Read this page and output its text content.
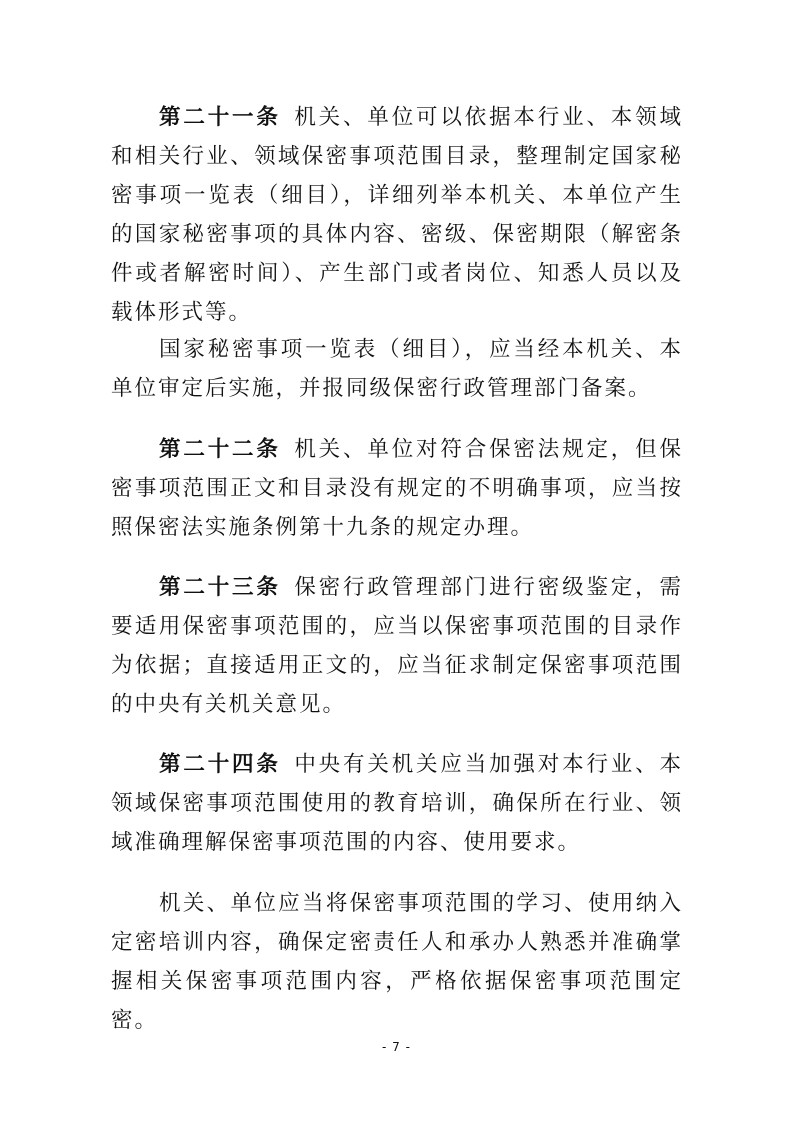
第二十一条  机关、单位可以依据本行业、本领域和相关行业、领域保密事项范围目录，整理制定国家秘密事项一览表（细目），详细列举本机关、本单位产生的国家秘密事项的具体内容、密级、保密期限（解密条件或者解密时间）、产生部门或者岗位、知悉人员以及载体形式等。

国家秘密事项一览表（细目），应当经本机关、本单位审定后实施，并报同级保密行政管理部门备案。

第二十二条  机关、单位对符合保密法规定，但保密事项范围正文和目录没有规定的不明确事项，应当按照保密法实施条例第十九条的规定办理。

第二十三条  保密行政管理部门进行密级鉴定，需要适用保密事项范围的，应当以保密事项范围的目录作为依据；直接适用正文的，应当征求制定保密事项范围的中央有关机关意见。

第二十四条  中央有关机关应当加强对本行业、本领域保密事项范围使用的教育培训，确保所在行业、领域准确理解保密事项范围的内容、使用要求。

机关、单位应当将保密事项范围的学习、使用纳入定密培训内容，确保定密责任人和承办人熟悉并准确掌握相关保密事项范围内容，严格依据保密事项范围定密。

- 7 -
